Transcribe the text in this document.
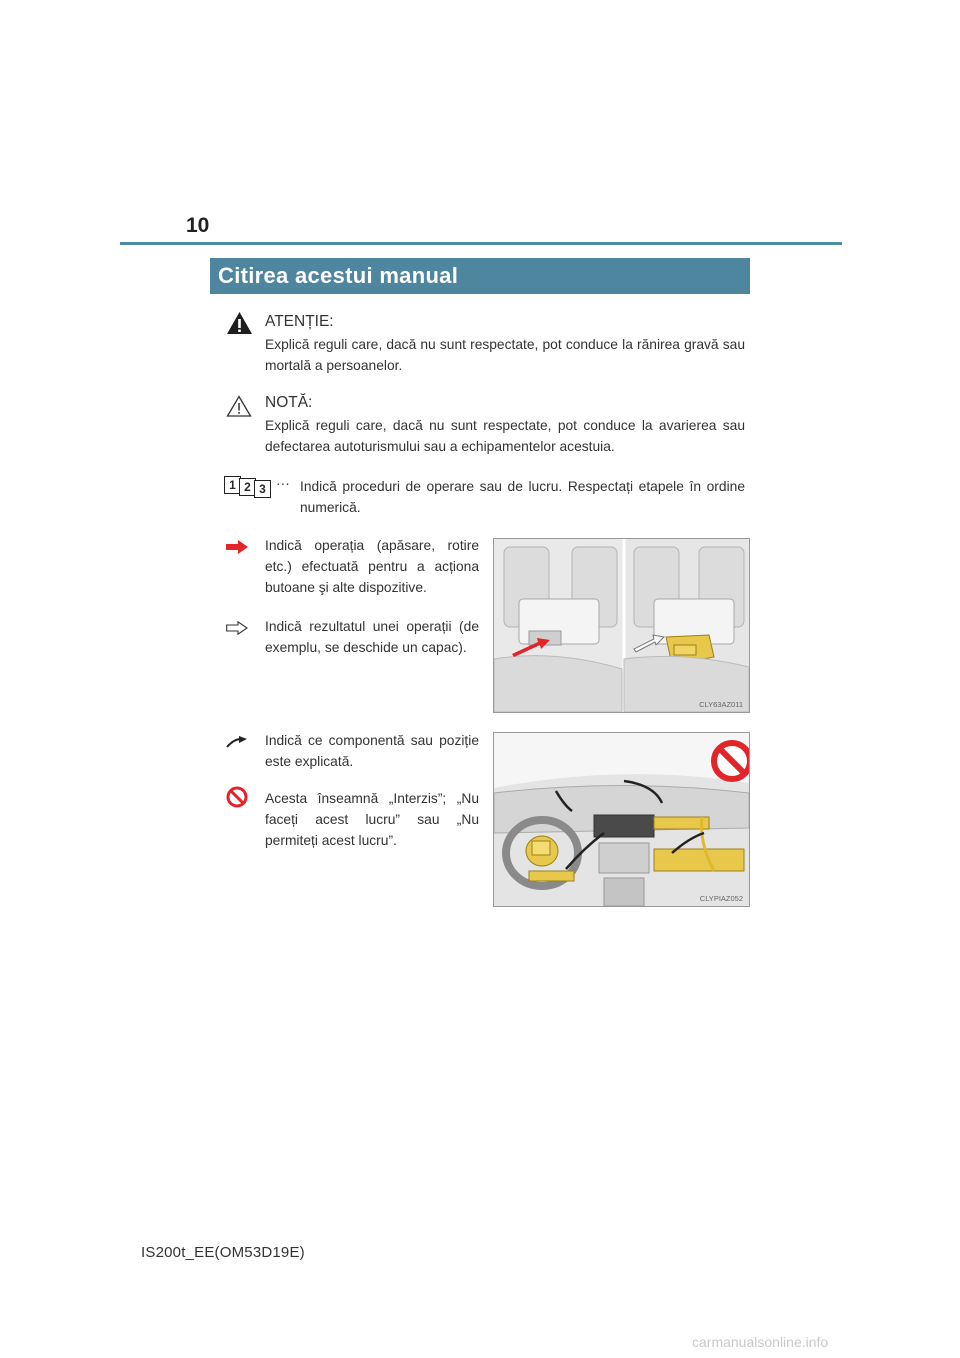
10
Citirea acestui manual
ATENȚIE:
Explică reguli care, dacă nu sunt respectate, pot conduce la rănirea gravă sau mortală a persoanelor.
NOTĂ:
Explică reguli care, dacă nu sunt respectate, pot conduce la avarierea sau defectarea autoturismului sau a echipamentelor acestuia.
1 2 3 ··· Indică proceduri de operare sau de lucru. Respectați etapele în ordine numerică.
Indică operația (apăsare, rotire etc.) efectuată pentru a acționa butoane şi alte dispozitive.
Indică rezultatul unei operații (de exemplu, se deschide un capac).
CLY63AZ011
Indică ce componentă sau poziție este explicată.
Acesta înseamnă „Interzis”; „Nu faceți acest lucru” sau „Nu permiteți acest lucru”.
CLYPIAZ052
IS200t_EE(OM53D19E)
carmanualsonline.info
